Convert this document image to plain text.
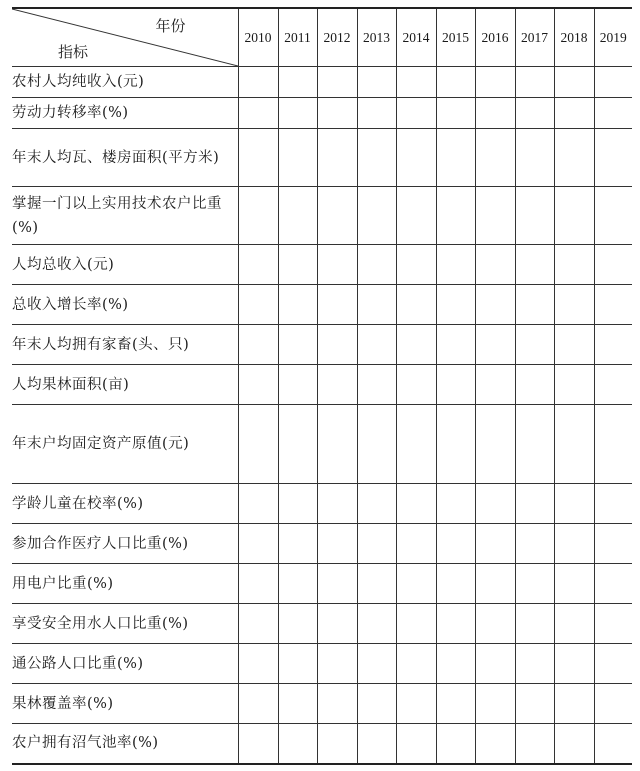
年份
指标	2010	2011	2012	2013	2014	2015	2016	2017	2018	2019
农村人均纯收入(元)										
劳动力转移率(%)										
年末人均瓦、楼房面积(平方米)										
掌握一门以上实用技术农户比重(%)										
人均总收入(元)										
总收入增长率(%)										
年末人均拥有家畜(头、只)										
人均果林面积(亩)										
年末户均固定资产原值(元)										
学龄儿童在校率(%)										
参加合作医疗人口比重(%)										
用电户比重(%)										
享受安全用水人口比重(%)										
通公路人口比重(%)										
果林覆盖率(%)										
农户拥有沼气池率(%)										
